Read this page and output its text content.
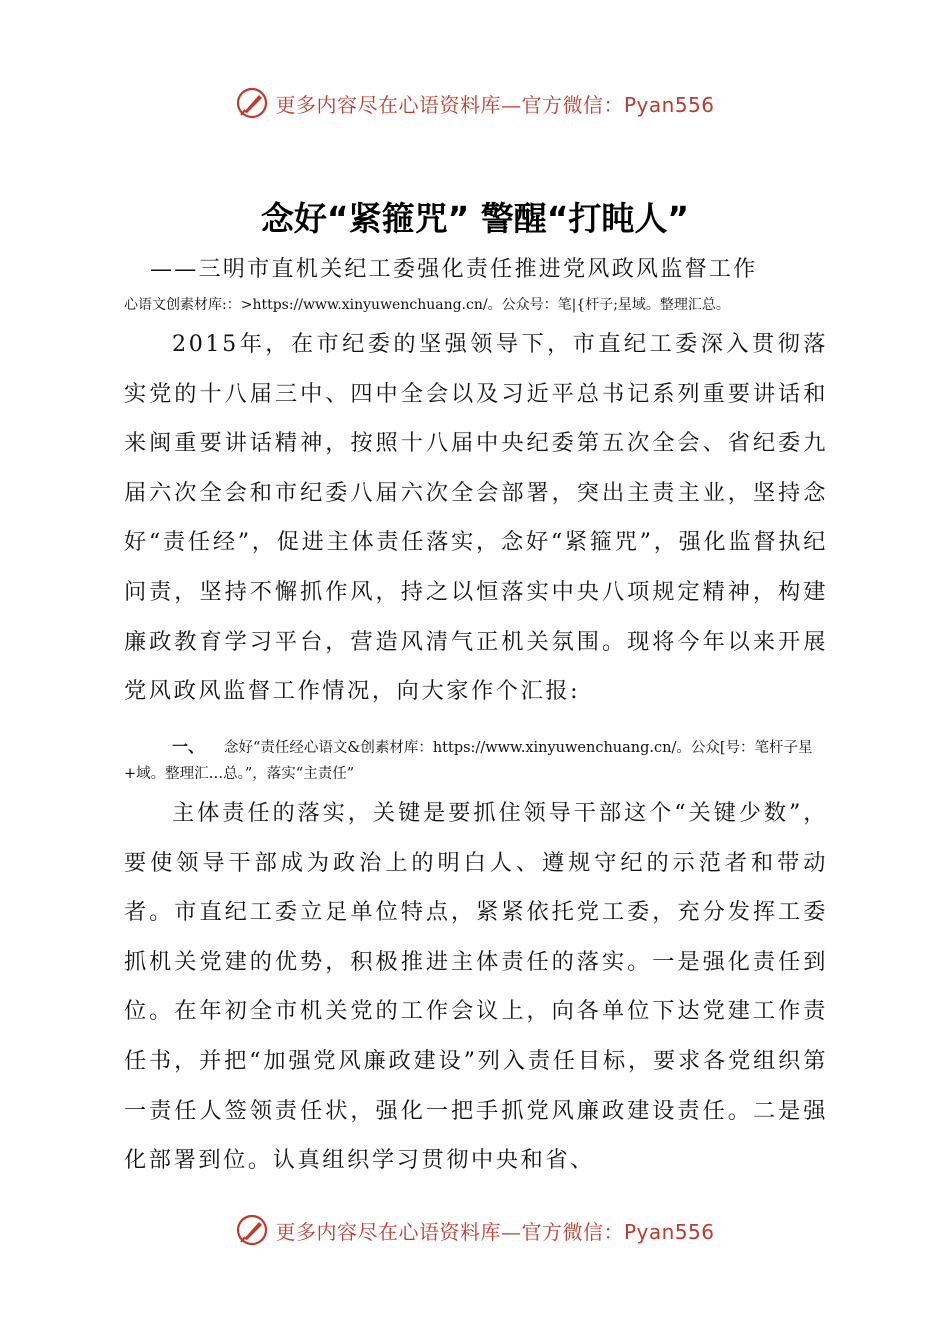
更多内容尽在心语资料库—官方微信：Pyan556
念好“紧箍咒” 警醒“打盹人”
——三明市直机关纪工委强化责任推进党风政风监督工作
心语文创素材库:：>https://www.xinyuwenchuang.cn/。公众号：笔|{杆子;星域。整理汇总。

2015年，在市纪委的坚强领导下，市直纪工委深入贯彻落实党的十八届三中、四中全会以及习近平总书记系列重要讲话和来闽重要讲话精神，按照十八届中央纪委第五次全会、省纪委九届六次全会和市纪委八届六次全会部署，突出主责主业，坚持念好“责任经”，促进主体责任落实，念好“紧箍咒”，强化监督执纪问责，坚持不懈抓作风，持之以恒落实中央八项规定精神，构建廉政教育学习平台，营造风清气正机关氛围。现将今年以来开展党风政风监督工作情况，向大家作个汇报:

一、 念好“责任经心语文&创素材库：https://www.xinyuwenchuang.cn/。公众[号：笔杆子星+域。整理汇…总。”，落实“主责任”

主体责任的落实，关键是要抓住领导干部这个“关键少数”，要使领导干部成为政治上的明白人、遵规守纪的示范者和带动者。市直纪工委立足单位特点，紧紧依托党工委，充分发挥工委抓机关党建的优势，积极推进主体责任的落实。一是强化责任到位。在年初全市机关党的工作会议上，向各单位下达党建工作责任书，并把“加强党风廉政建设”列入责任目标，要求各党组织第一责任人签领责任状，强化一把手抓党风廉政建设责任。二是强化部署到位。认真组织学习贯彻中央和省、

更多内容尽在心语资料库—官方微信：Pyan556
